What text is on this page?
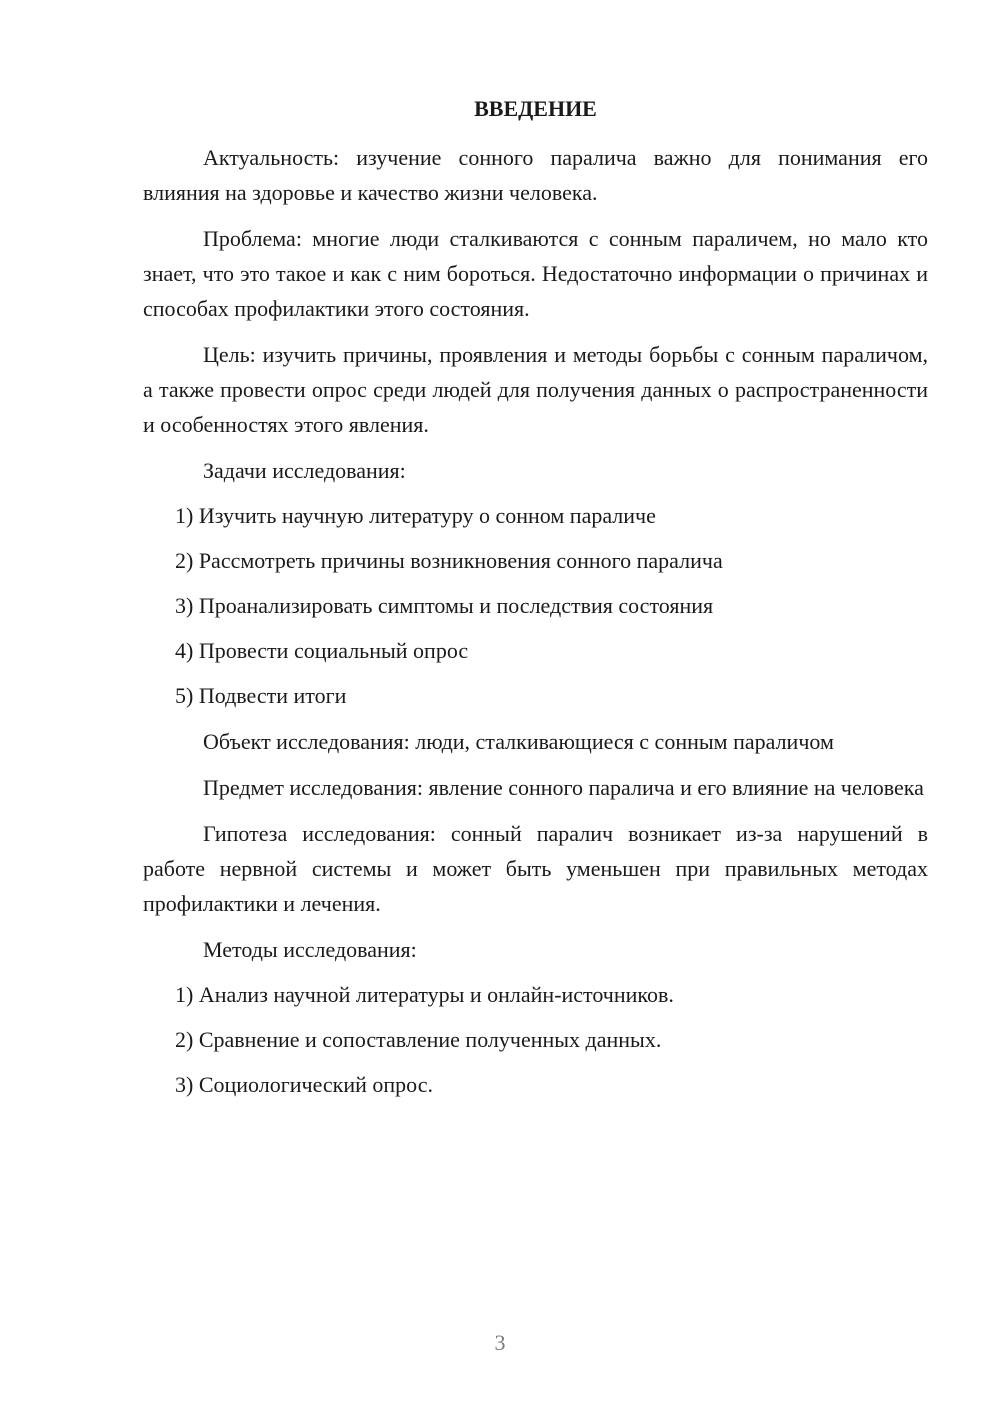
ВВЕДЕНИЕ

Актуальность: изучение сонного паралича важно для понимания его влияния на здоровье и качество жизни человека.

Проблема: многие люди сталкиваются с сонным параличем, но мало кто знает, что это такое и как с ним бороться. Недостаточно информации о причинах и способах профилактики этого состояния.

Цель: изучить причины, проявления и методы борьбы с сонным параличом, а также провести опрос среди людей для получения данных о распространенности и особенностях этого явления.

Задачи исследования:

1) Изучить научную литературу о сонном параличе
2) Рассмотреть причины возникновения сонного паралича
3) Проанализировать симптомы и последствия состояния
4) Провести социальный опрос
5) Подвести итоги

Объект исследования: люди, сталкивающиеся с сонным параличом

Предмет исследования: явление сонного паралича и его влияние на человека

Гипотеза исследования: сонный паралич возникает из-за нарушений в работе нервной системы и может быть уменьшен при правильных методах профилактики и лечения.

Методы исследования:

1) Анализ научной литературы и онлайн-источников.
2) Сравнение и сопоставление полученных данных.
3) Социологический опрос.
3
